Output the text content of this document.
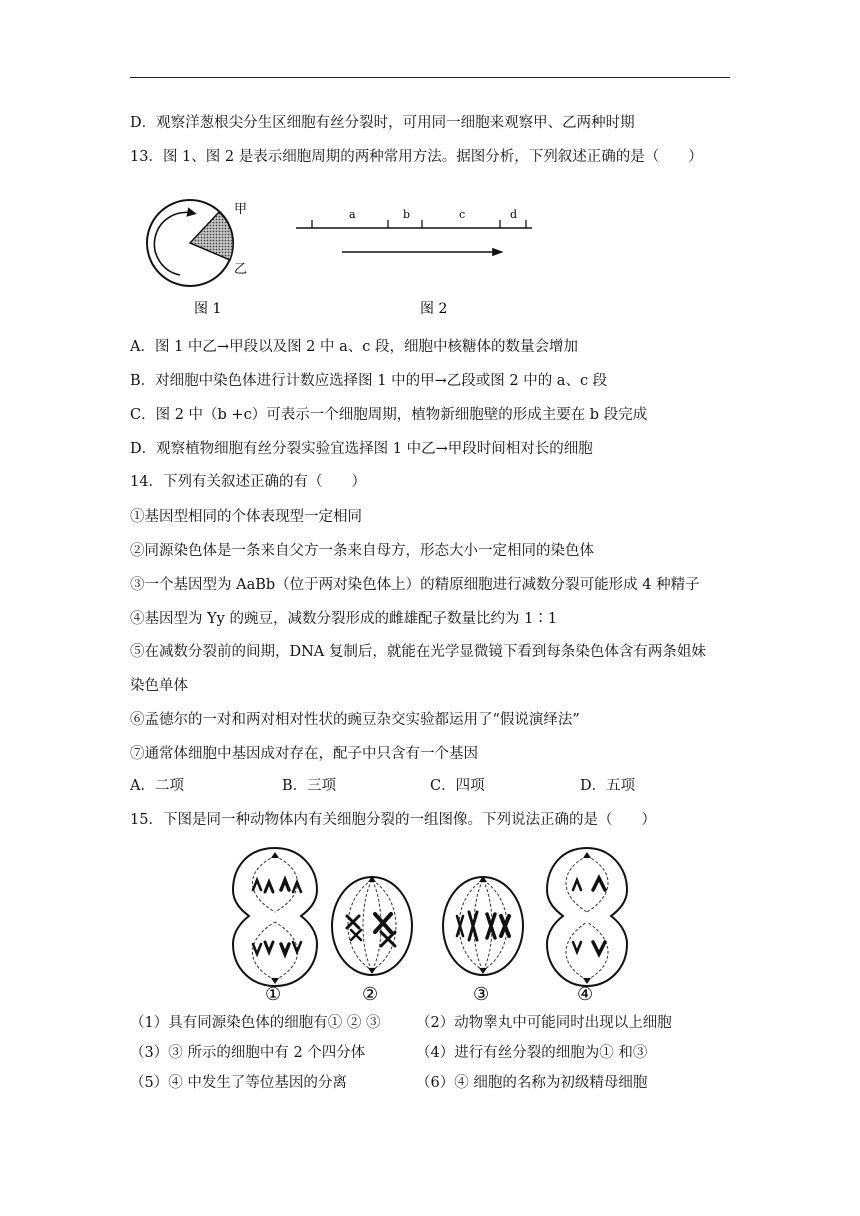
D．观察洋葱根尖分生区细胞有丝分裂时，可用同一细胞来观察甲、乙两种时期
13．图 1、图 2 是表示细胞周期的两种常用方法。据图分析，下列叙述正确的是（　　）
甲
乙
图 1
a	b	c	d
图 2
A．图 1 中乙→甲段以及图 2 中 a、c 段，细胞中核糖体的数量会增加
B．对细胞中染色体进行计数应选择图 1 中的甲→乙段或图 2 中的 a、c 段
C．图 2 中（b +c）可表示一个细胞周期，植物新细胞壁的形成主要在 b 段完成
D．观察植物细胞有丝分裂实验宜选择图 1 中乙→甲段时间相对长的细胞
14．下列有关叙述正确的有（　　）
①基因型相同的个体表现型一定相同
②同源染色体是一条来自父方一条来自母方，形态大小一定相同的染色体
③一个基因型为 AaBb（位于两对染色体上）的精原细胞进行减数分裂可能形成 4 种精子
④基因型为 Yy 的豌豆，减数分裂形成的雌雄配子数量比约为 1∶1
⑤在减数分裂前的间期，DNA 复制后，就能在光学显微镜下看到每条染色体含有两条姐妹
染色单体
⑥孟德尔的一对和两对相对性状的豌豆杂交实验都运用了“假说演绎法”
⑦通常体细胞中基因成对存在，配子中只含有一个基因
A．二项	B．三项	C．四项	D．五项
15．下图是同一种动物体内有关细胞分裂的一组图像。下列说法正确的是（　　）
①	②	③	④
（1）具有同源染色体的细胞有① ② ③ （2）动物睾丸中可能同时出现以上细胞
（3）③ 所示的细胞中有 2 个四分体	（4）进行有丝分裂的细胞为① 和③
（5）④ 中发生了等位基因的分离	（6）④ 细胞的名称为初级精母细胞
